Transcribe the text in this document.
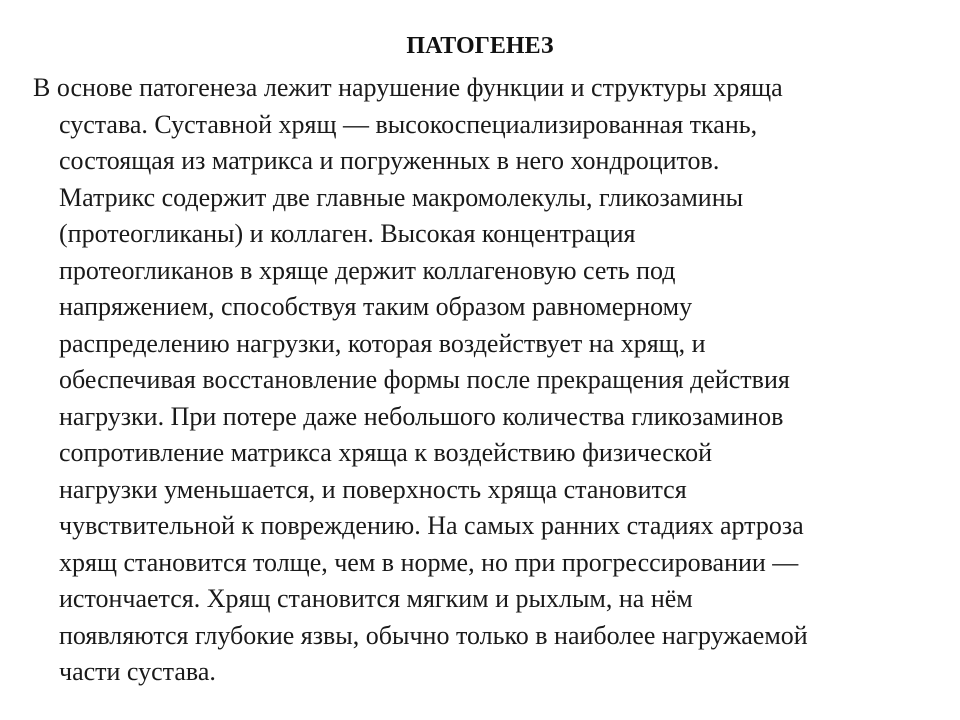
ПАТОГЕНЕЗ
В основе патогенеза лежит нарушение функции и структуры хряща
сустава. Суставной хрящ — высокоспециализированная ткань,
состоящая из матрикса и погруженных в него хондроцитов.
Матрикс содержит две главные макромолекулы, гликозамины
(протеогликаны) и коллаген. Высокая концентрация
протеогликанов в хряще держит коллагеновую сеть под
напряжением, способствуя таким образом равномерному
распределению нагрузки, которая воздействует на хрящ, и
обеспечивая восстановление формы после прекращения действия
нагрузки. При потере даже небольшого количества гликозаминов
сопротивление матрикса хряща к воздействию физической
нагрузки уменьшается, и поверхность хряща становится
чувствительной к повреждению. На самых ранних стадиях артроза
хрящ становится толще, чем в норме, но при прогрессировании —
истончается. Хрящ становится мягким и рыхлым, на нём
появляются глубокие язвы, обычно только в наиболее нагружаемой
части сустава.
